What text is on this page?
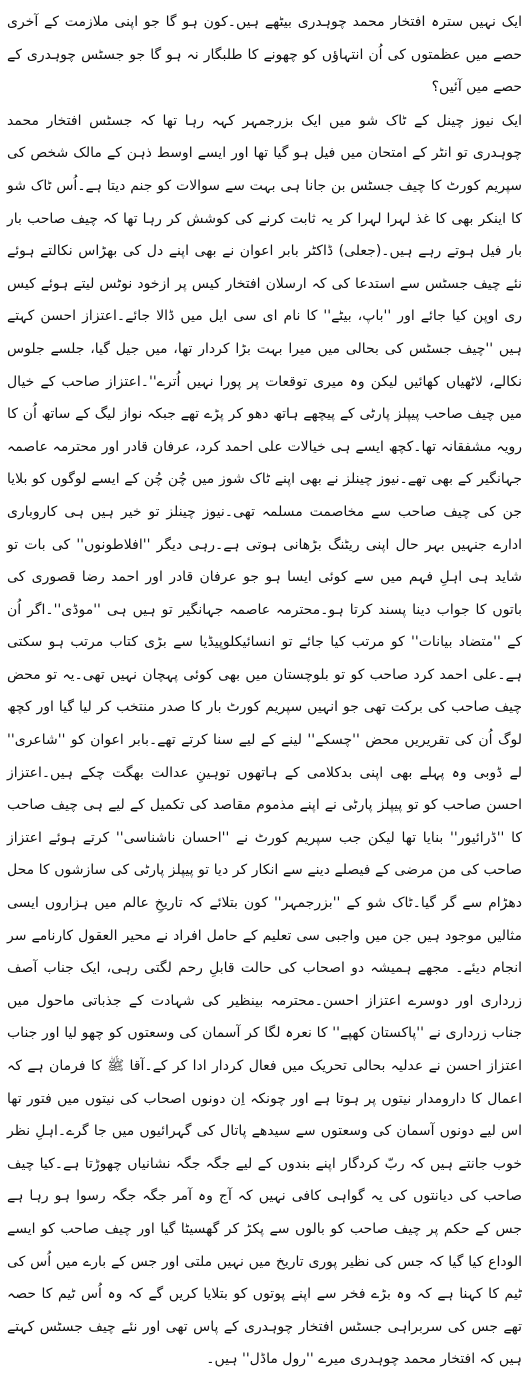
ایک نہیں سترہ افتخار محمد چوہدری بیٹھے ہیں۔کون ہو گا جو اپنی ملازمت کے آخری حصے میں عظمتوں کی اُن انتہاؤں کو چھونے کا طلبگار نہ ہو گا جو جسٹس چوہدری کے حصے میں آئیں؟

ایک نیوز چینل کے ٹاک شو میں ایک بزرجمہر کہہ رہا تھا کہ جسٹس افتخار محمد چوہدری تو انٹر کے امتحان میں فیل ہو گیا تھا اور ایسے اوسط ذہن کے مالک شخص کی سپریم کورٹ کا چیف جسٹس بن جانا ہی بہت سے سوالات کو جنم دیتا ہے۔اُس ٹاک شو کا اینکر بھی کا غذ لہرا لہرا کر یہ ثابت کرنے کی کوشش کر رہا تھا کہ چیف صاحب بار بار فیل ہوتے رہے ہیں۔(جعلی) ڈاکٹر بابر اعوان نے بھی اپنے دل کی بھڑاس نکالتے ہوئے نئے چیف جسٹس سے استدعا کی کہ ارسلان افتخار کیس پر ازخود نوٹس لیتے ہوئے کیس ری اوپن کیا جائے اور ''باپ، بیٹے'' کا نام ای سی ایل میں ڈالا جائے۔اعتزاز احسن کہتے ہیں ''چیف جسٹس کی بحالی میں میرا بہت بڑا کردار تھا، میں جیل گیا، جلسے جلوس نکالے، لاٹھیاں کھائیں لیکن وہ میری توقعات پر پورا نہیں اُترے''۔اعتزاز صاحب کے خیال میں چیف صاحب پیپلز پارٹی کے پیچھے ہاتھ دھو کر پڑے تھے جبکہ نواز لیگ کے ساتھ اُن کا رویہ مشفقانہ تھا۔کچھ ایسے ہی خیالات علی احمد کرد، عرفان قادر اور محترمہ عاصمہ جہانگیر کے بھی تھے۔نیوز چینلز نے بھی اپنے ٹاک شوز میں چُن چُن کے ایسے لوگوں کو بلایا جن کی چیف صاحب سے مخاصمت مسلمہ تھی۔نیوز چینلز تو خیر ہیں ہی کاروباری ادارے جنہیں بہر حال اپنی ریٹنگ بڑھانی ہوتی ہے۔رہی دیگر ''افلاطونوں'' کی بات تو شاید ہی اہلِ فہم میں سے کوئی ایسا ہو جو عرفان قادر اور احمد رضا قصوری کی باتوں کا جواب دینا پسند کرتا ہو۔محترمہ عاصمہ جہانگیر تو ہیں ہی ''موڈی''۔اگر اُن کے ''متضاد بیانات'' کو مرتب کیا جائے تو انسائیکلوپیڈیا سے بڑی کتاب مرتب ہو سکتی ہے۔علی احمد کرد صاحب کو تو بلوچستان میں بھی کوئی پہچان نہیں تھی۔یہ تو محض چیف صاحب کی برکت تھی جو انہیں سپریم کورٹ بار کا صدر منتخب کر لیا گیا اور کچھ لوگ اُن کی تقریریں محض ''چسکے'' لینے کے لیے سنا کرتے تھے۔بابر اعوان کو ''شاعری'' لے ڈوبی وہ پہلے بھی اپنی بدکلامی کے ہاتھوں توہینِ عدالت بھگت چکے ہیں۔اعتزاز احسن صاحب کو تو پیپلز پارٹی نے اپنے مذموم مقاصد کی تکمیل کے لیے ہی چیف صاحب کا ''ڈرائیور'' بنایا تھا لیکن جب سپریم کورٹ نے ''احسان ناشناسی'' کرتے ہوئے اعتزاز صاحب کی من مرضی کے فیصلے دینے سے انکار کر دیا تو پیپلز پارٹی کی سازشوں کا محل دھڑام سے گر گیا۔ٹاک شو کے ''بزرجمہر'' کون بتلائے کہ تاریخِ عالم میں ہزاروں ایسی مثالیں موجود ہیں جن میں واجبی سی تعلیم کے حامل افراد نے محیر العقول کارنامے سر انجام دیئے۔ مجھے ہمیشہ دو اصحاب کی حالت قابلِ رحم لگتی رہی، ایک جناب آصف زرداری اور دوسرے اعتزاز احسن۔محترمہ بینظیر کی شہادت کے جذباتی ماحول میں جناب زرداری نے ''پاکستان کھپے'' کا نعرہ لگا کر آسمان کی وسعتوں کو چھو لیا اور جناب اعتزاز احسن نے عدلیہ بحالی تحریک میں فعال کردار ادا کر کے۔آقا ﷺ کا فرمان ہے کہ اعمال کا دارومدار نیتوں پر ہوتا ہے اور چونکہ اِن دونوں اصحاب کی نیتوں میں فتور تھا اس لیے دونوں آسمان کی وسعتوں سے سیدھے پاتال کی گہرائیوں میں جا گرے۔اہلِ نظر خوب جانتے ہیں کہ ربّ کردگار اپنے بندوں کے لیے جگہ جگہ نشانیاں چھوڑتا ہے۔کیا چیف صاحب کی دیانتوں کی یہ گواہی کافی نہیں کہ آج وہ آمر جگہ جگہ رسوا ہو رہا ہے جس کے حکم پر چیف صاحب کو بالوں سے پکڑ کر گھسیٹا گیا اور چیف صاحب کو ایسے الوداع کیا گیا کہ جس کی نظیر پوری تاریخ میں نہیں ملتی اور جس کے بارے میں اُس کی ٹیم کا کہنا ہے کہ وہ بڑے فخر سے اپنے پوتوں کو بتلایا کریں گے کہ وہ اُس ٹیم کا حصہ تھے جس کی سربراہی جسٹس افتخار چوہدری کے پاس تھی اور نئے چیف جسٹس کہتے ہیں کہ افتخار محمد چوہدری میرے ''رول ماڈل'' ہیں۔
